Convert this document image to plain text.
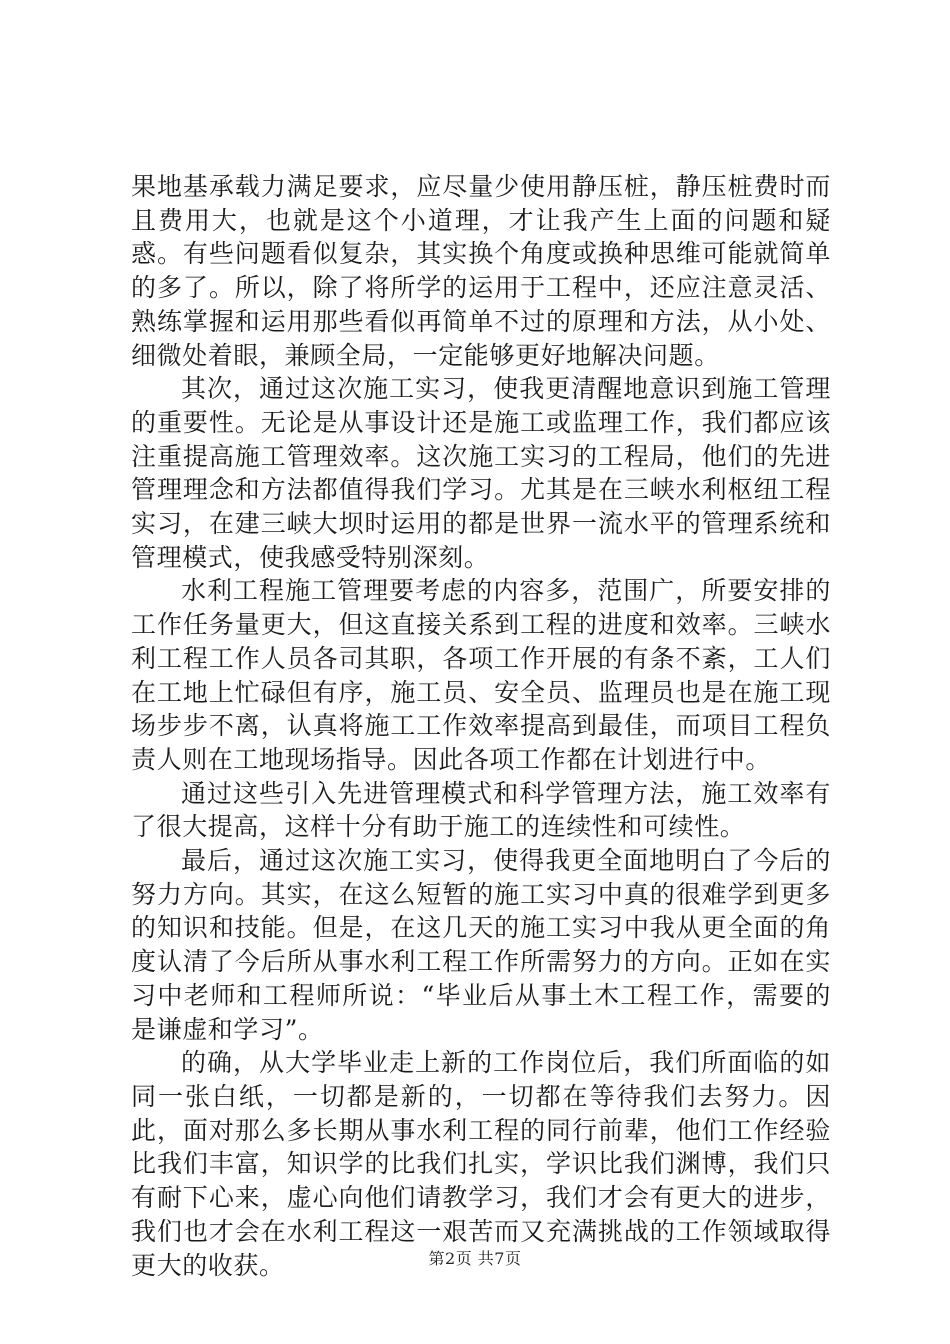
果地基承载力满足要求，应尽量少使用静压桩，静压桩费时而且费用大，也就是这个小道理，才让我产生上面的问题和疑惑。有些问题看似复杂，其实换个角度或换种思维可能就简单的多了。所以，除了将所学的运用于工程中，还应注意灵活、熟练掌握和运用那些看似再简单不过的原理和方法，从小处、细微处着眼，兼顾全局，一定能够更好地解决问题。

其次，通过这次施工实习，使我更清醒地意识到施工管理的重要性。无论是从事设计还是施工或监理工作，我们都应该注重提高施工管理效率。这次施工实习的工程局，他们的先进管理理念和方法都值得我们学习。尤其是在三峡水利枢纽工程实习，在建三峡大坝时运用的都是世界一流水平的管理系统和管理模式，使我感受特别深刻。

水利工程施工管理要考虑的内容多，范围广，所要安排的工作任务量更大，但这直接关系到工程的进度和效率。三峡水利工程工作人员各司其职，各项工作开展的有条不紊，工人们在工地上忙碌但有序，施工员、安全员、监理员也是在施工现场步步不离，认真将施工工作效率提高到最佳，而项目工程负责人则在工地现场指导。因此各项工作都在计划进行中。

通过这些引入先进管理模式和科学管理方法，施工效率有了很大提高，这样十分有助于施工的连续性和可续性。

最后，通过这次施工实习，使得我更全面地明白了今后的努力方向。其实，在这么短暂的施工实习中真的很难学到更多的知识和技能。但是，在这几天的施工实习中我从更全面的角度认清了今后所从事水利工程工作所需努力的方向。正如在实习中老师和工程师所说：“毕业后从事土木工程工作，需要的是谦虚和学习”。

的确，从大学毕业走上新的工作岗位后，我们所面临的如同一张白纸，一切都是新的，一切都在等待我们去努力。因此，面对那么多长期从事水利工程的同行前辈，他们工作经验比我们丰富，知识学的比我们扎实，学识比我们渊博，我们只有耐下心来，虚心向他们请教学习，我们才会有更大的进步，我们也才会在水利工程这一艰苦而又充满挑战的工作领域取得更大的收获。	第2页 共7页
